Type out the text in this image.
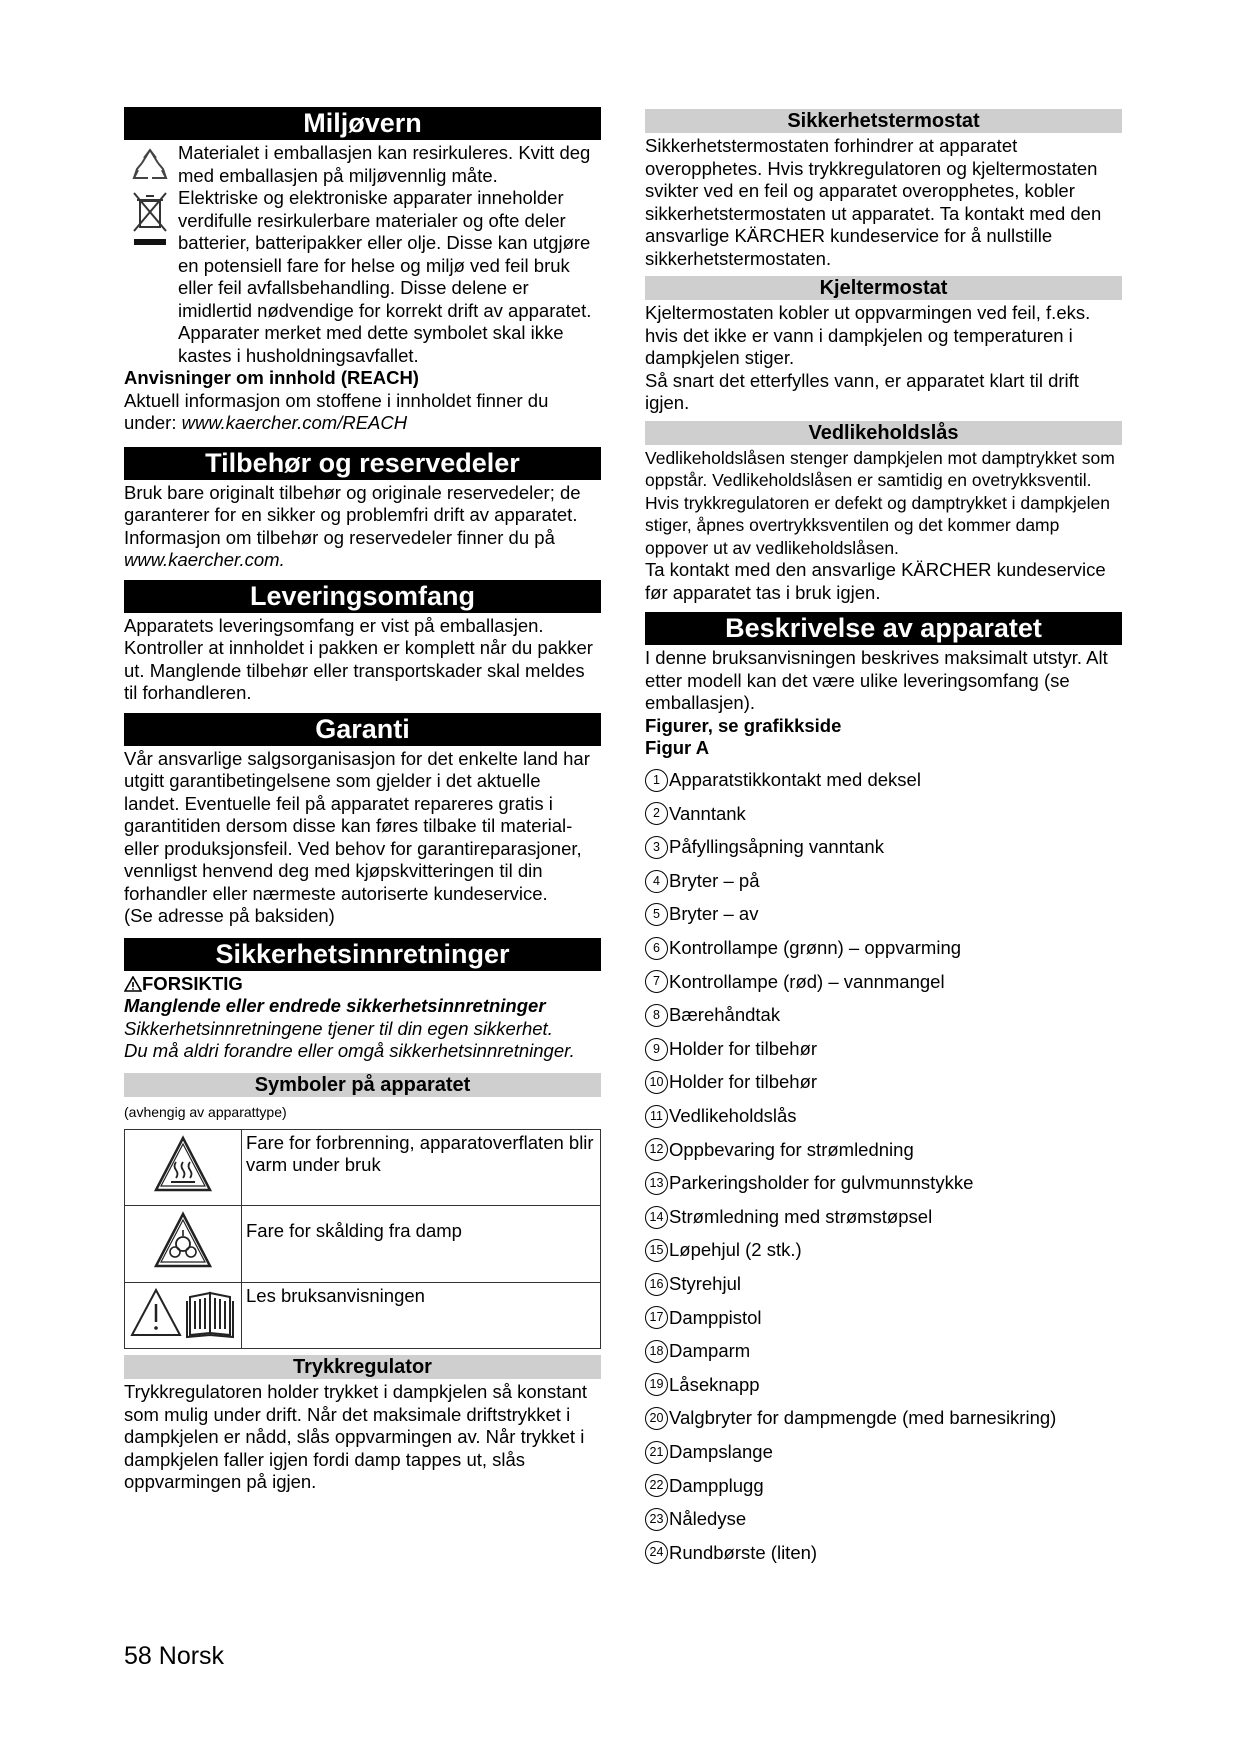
Miljøvern

Materialet i emballasjen kan resirkuleres. Kvitt deg med emballasjen på miljøvennlig måte.

Elektriske og elektroniske apparater inneholder verdifulle resirkulerbare materialer og ofte deler batterier, batteripakker eller olje. Disse kan utgjøre en potensiell fare for helse og miljø ved feil bruk eller feil avfallsbehandling. Disse delene er imidlertid nødvendige for korrekt drift av apparatet. Apparater merket med dette symbolet skal ikke kastes i husholdningsavfallet.

Anvisninger om innhold (REACH)

Aktuell informasjon om stoffene i innholdet finner du under: www.kaercher.com/REACH

Tilbehør og reservedeler

Bruk bare originalt tilbehør og originale reservedeler; de garanterer for en sikker og problemfri drift av apparatet. Informasjon om tilbehør og reservedeler finner du på www.kaercher.com.

Leveringsomfang

Apparatets leveringsomfang er vist på emballasjen. Kontroller at innholdet i pakken er komplett når du pakker ut. Manglende tilbehør eller transportskader skal meldes til forhandleren.

Garanti

Vår ansvarlige salgsorganisasjon for det enkelte land har utgitt garantibetingelsene som gjelder i det aktuelle landet. Eventuelle feil på apparatet repareres gratis i garantitiden dersom disse kan føres tilbake til material- eller produksjonsfeil. Ved behov for garantireparasjoner, vennligst henvend deg med kjøpskvitteringen til din forhandler eller nærmeste autoriserte kundeservice.

(Se adresse på baksiden)

Sikkerhetsinnretninger

FORSIKTIG

Manglende eller endrede sikkerhetsinnretninger

Sikkerhetsinnretningene tjener til din egen sikkerhet.

Du må aldri forandre eller omgå sikkerhetsinnretninger.

Symboler på apparatet

(avhengig av apparattype)

	Fare for forbrenning, apparatoverflaten blir varm under bruk
	Fare for skålding fra damp
	Les bruksanvisningen
Trykkregulator

Trykkregulatoren holder trykket i dampkjelen så konstant som mulig under drift. Når det maksimale driftstrykket i dampkjelen er nådd, slås oppvarmingen av. Når trykket i dampkjelen faller igjen fordi damp tappes ut, slås oppvarmingen på igjen.

Sikkerhetstermostat

Sikkerhetstermostaten forhindrer at apparatet overopphetes. Hvis trykkregulatoren og kjeltermostaten svikter ved en feil og apparatet overopphetes, kobler sikkerhetstermostaten ut apparatet. Ta kontakt med den ansvarlige KÄRCHER kundeservice for å nullstille sikkerhetstermostaten.

Kjeltermostat

Kjeltermostaten kobler ut oppvarmingen ved feil, f.eks. hvis det ikke er vann i dampkjelen og temperaturen i dampkjelen stiger.

Så snart det etterfylles vann, er apparatet klart til drift igjen.

Vedlikeholdslås

Vedlikeholdslåsen stenger dampkjelen mot damptrykket som oppstår. Vedlikeholdslåsen er samtidig en ovetrykksventil. Hvis trykkregulatoren er defekt og damptrykket i dampkjelen stiger, åpnes overtrykksventilen og det kommer damp oppover ut av vedlikeholdslåsen.

Ta kontakt med den ansvarlige KÄRCHER kundeservice før apparatet tas i bruk igjen.

Beskrivelse av apparatet

I denne bruksanvisningen beskrives maksimalt utstyr. Alt etter modell kan det være ulike leveringsomfang (se emballasjen).

Figurer, se grafikkside

Figur A

1 Apparatstikkontakt med deksel
2 Vanntank
3 Påfyllingsåpning vanntank
4 Bryter – på
5 Bryter – av
6 Kontrollampe (grønn) – oppvarming
7 Kontrollampe (rød) – vannmangel
8 Bærehåndtak
9 Holder for tilbehør
10 Holder for tilbehør
11 Vedlikeholdslås
12 Oppbevaring for strømledning
13 Parkeringsholder for gulvmunnstykke
14 Strømledning med strømstøpsel
15 Løpehjul (2 stk.)
16 Styrehjul
17 Damppistol
18 Damparm
19 Låseknapp
20 Valgbryter for dampmengde (med barnesikring)
21 Dampslange
22 Dampplugg
23 Nåledyse
24 Rundbørste (liten)
58 Norsk
